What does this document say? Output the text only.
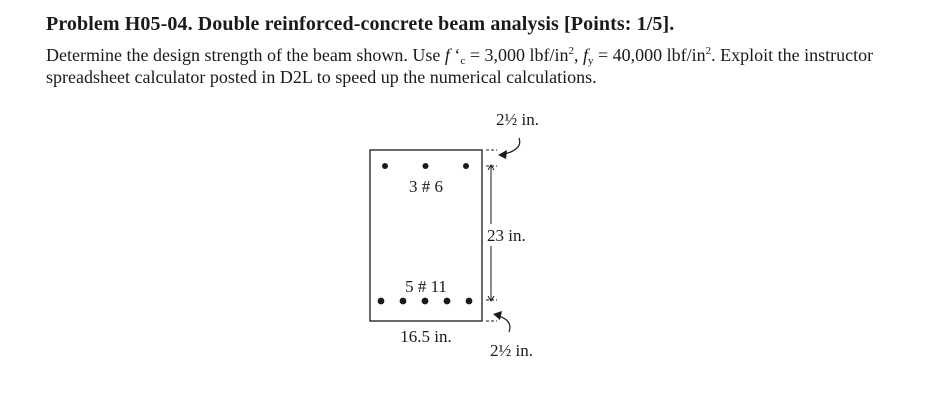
Problem H05-04. Double reinforced-concrete beam analysis [Points: 1/5].
Determine the design strength of the beam shown. Use f ‘$_c = 3,000$ lbf/$in^2$, $f_y = 40,000$ lbf/$in^2$. Exploit the instructor spreadsheet calculator posted in D2L to speed up the numerical calculations.
3 # 6
5 # 11
16.5 in.
2½ in.
23 in.
2½ in.
